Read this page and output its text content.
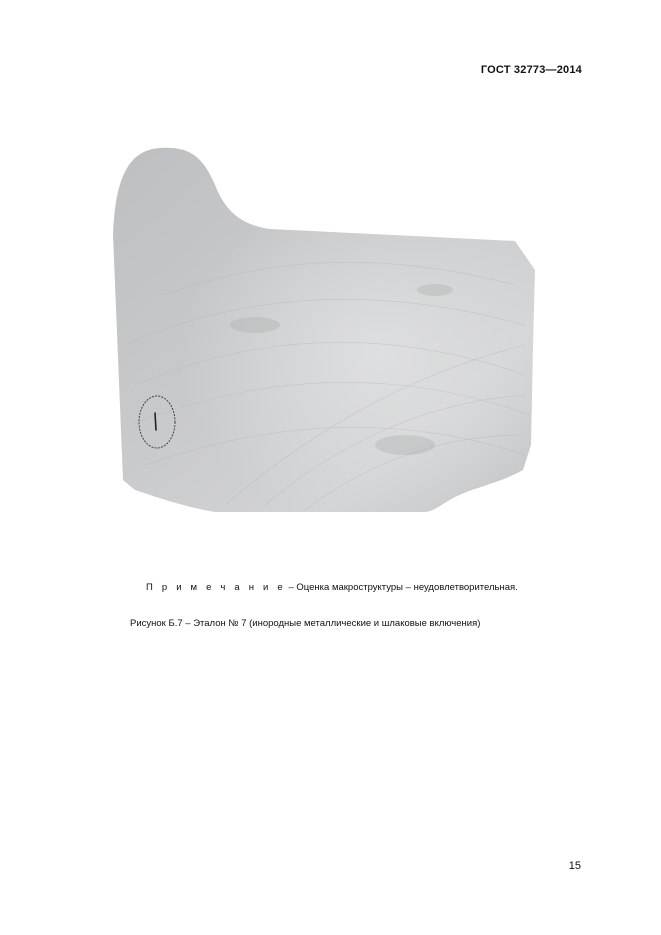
ГОСТ 32773—2014
П р и м е ч а н и е – Оценка макроструктуры – неудовлетворительная.
Рисунок Б.7 – Эталон № 7 (инородные металлические и шлаковые включения)
15
